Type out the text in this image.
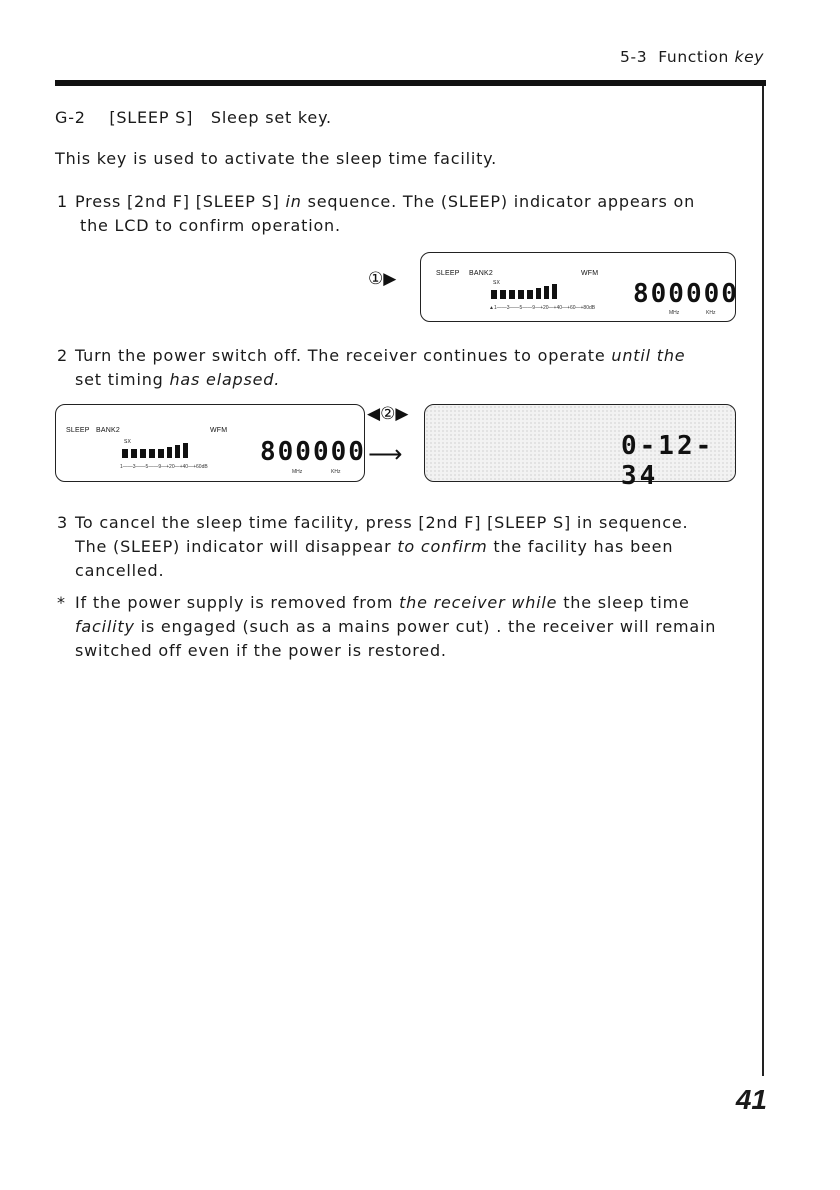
5-3 Function key
G-2 [SLEEP S] Sleep set key.
This key is used to activate the sleep time facility.
1 Press [2nd F] [SLEEP S] in sequence. The (SLEEP) indicator appears on
the LCD to confirm operation.
①▶	SLEEP BANK2	WFM
SX
▲1——3——5——9—+20—+40—+60—+80dB 800000
MHz	KHz
2 Turn the power switch off. The receiver continues to operate until the
set timing has elapsed.
SLEEP BANK2	WFM
SX
1——3——5——9—+20—+40—+60dB 800000
MHz	KHz
◀②▶
⟶	0-12-34
3 To cancel the sleep time facility, press [2nd F] [SLEEP S] in sequence.
The (SLEEP) indicator will disappear to confirm the facility has been
cancelled.
* If the power supply is removed from the receiver while the sleep time
facility is engaged (such as a mains power cut) . the receiver will remain
switched off even if the power is restored.
41
